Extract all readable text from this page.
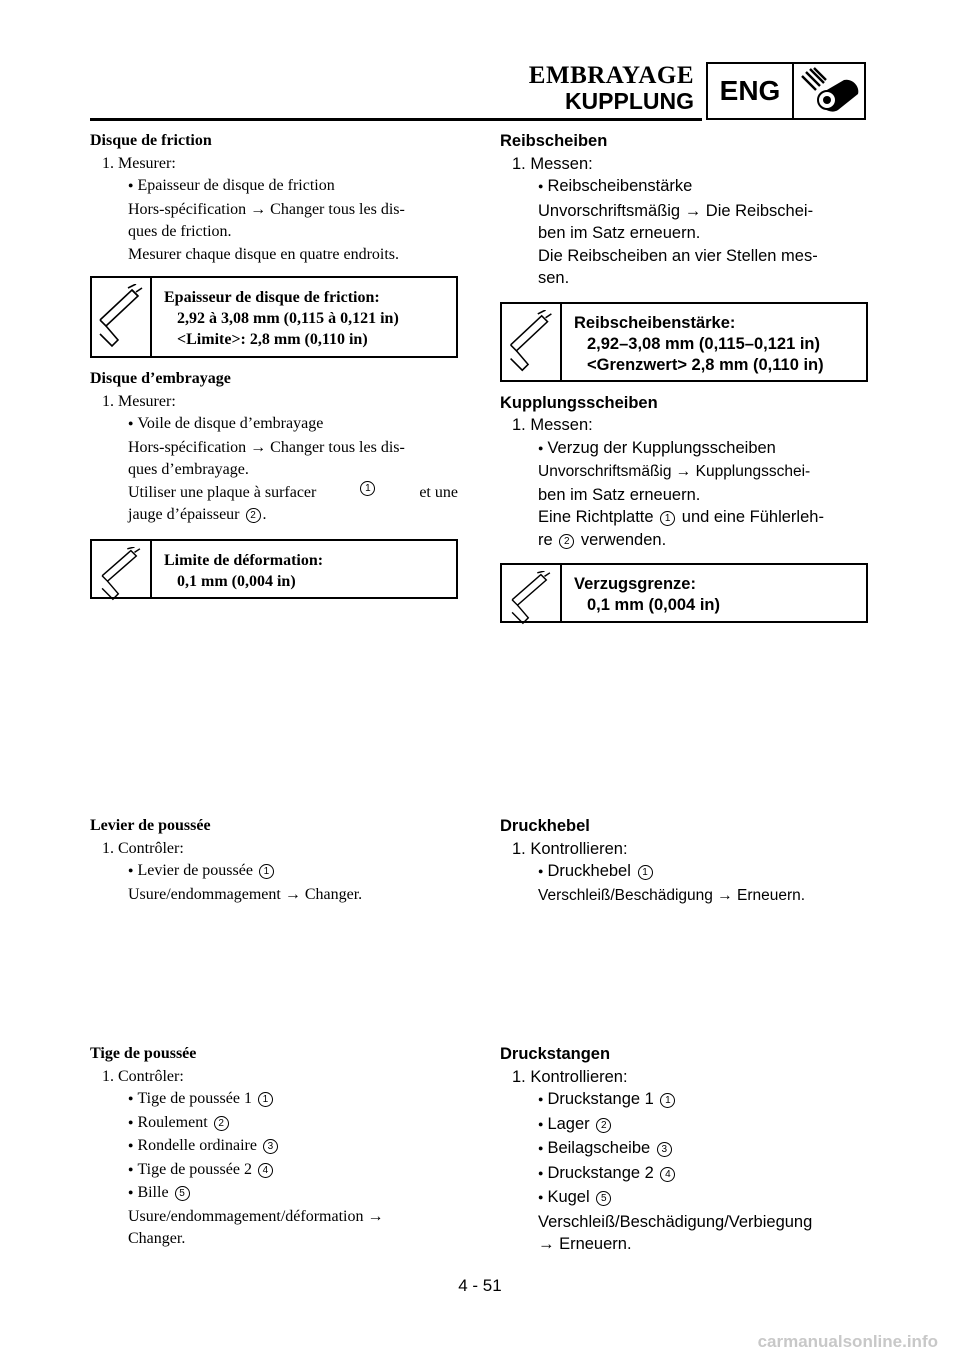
EMBRAYAGE
KUPPLUNG ENG

Disque de friction

1. Mesurer:

● Epaisseur de disque de friction

Hors-spécification → Changer tous les dis-

ques de friction.

Mesurer chaque disque en quatre endroits.

Epaisseur de disque de friction:
2,92 à 3,08 mm (0,115 à 0,121 in)
<Limite>: 2,8 mm (0,110 in)

Disque d’embrayage

1. Mesurer:

● Voile de disque d’embrayage

Hors-spécification → Changer tous les dis-

ques d’embrayage.

Utiliser une plaque à surfacer	1	et une

jauge d’épaisseur 2 .

Limite de déformation:
0,1 mm (0,004 in)

Levier de poussée

1. Contrôler:

● Levier de poussée 1

Usure/endommagement → Changer.

Tige de poussée

1. Contrôler:

● Tige de poussée 1 1

● Roulement 2

● Rondelle ordinaire 3

● Tige de poussée 2 4

● Bille 5

Usure/endommagement/déformation →

Changer.

Reibscheiben

1. Messen:

● Reibscheibenstärke

Unvorschriftsmäßig → Die Reibschei-

ben im Satz erneuern.

Die Reibscheiben an vier Stellen mes-

sen.

Reibscheibenstärke:
2,92–3,08 mm (0,115–0,121 in)
<Grenzwert> 2,8 mm (0,110 in)

Kupplungsscheiben

1. Messen:

● Verzug der Kupplungsscheiben

Unvorschriftsmäßig → Kupplungsschei-

ben im Satz erneuern.

Eine Richtplatte 1 und eine Fühlerleh-

re 2 verwenden.

Verzugsgrenze:
0,1 mm (0,004 in)

Druckhebel

1. Kontrollieren:

● Druckhebel 1

Verschleiß/Beschädigung → Erneuern.

Druckstangen

1. Kontrollieren:

● Druckstange 1 1

● Lager 2

● Beilagscheibe 3

● Druckstange 2 4

● Kugel 5

Verschleiß/Beschädigung/Verbiegung

→ Erneuern.

4 - 51
carmanualsonline.info
